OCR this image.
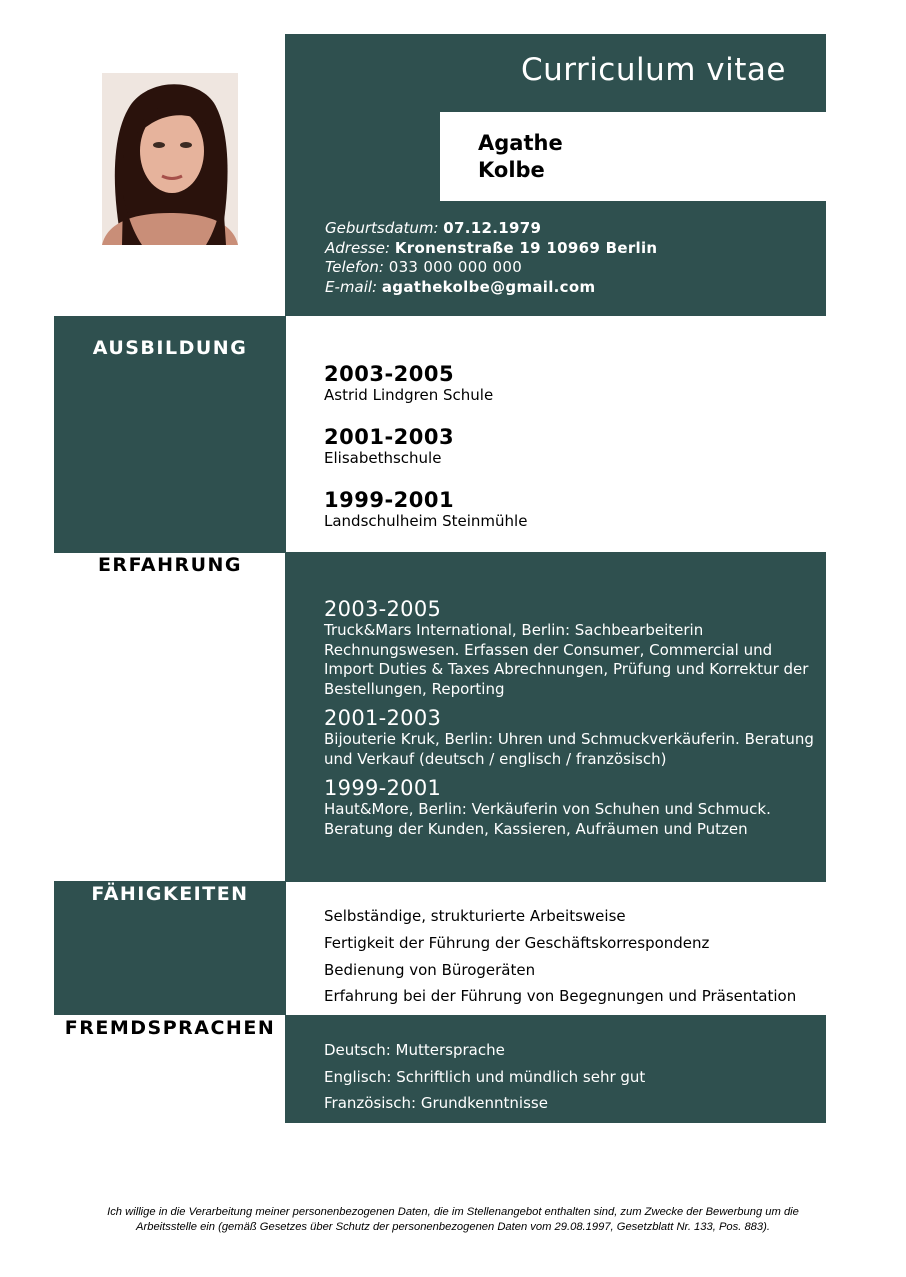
Curriculum vitae
Agathe
Kolbe
Geburtsdatum: 07.12.1979
Adresse: Kronenstraße 19 10969 Berlin
Telefon: 033 000 000 000
E-mail: agathekolbe@gmail.com
AUSBILDUNG
2003-2005
Astrid Lindgren Schule
2001-2003
Elisabethschule
1999-2001
Landschulheim Steinmühle
ERFAHRUNG
2003-2005
Truck&Mars International, Berlin: Sachbearbeiterin
Rechnungswesen. Erfassen der Consumer, Commercial und
Import Duties & Taxes Abrechnungen, Prüfung und Korrektur der
Bestellungen, Reporting
2001-2003
Bijouterie Kruk, Berlin: Uhren und Schmuckverkäuferin. Beratung
und Verkauf (deutsch / englisch / französisch)
1999-2001
Haut&More, Berlin: Verkäuferin von Schuhen und Schmuck.
Beratung der Kunden, Kassieren, Aufräumen und Putzen
FÄHIGKEITEN
Selbständige, strukturierte Arbeitsweise
Fertigkeit der Führung der Geschäftskorrespondenz
Bedienung von Bürogeräten
Erfahrung bei der Führung von Begegnungen und Präsentation
FREMDSPRACHEN
Deutsch: Muttersprache
Englisch: Schriftlich und mündlich sehr gut
Französisch: Grundkenntnisse
Ich willige in die Verarbeitung meiner personenbezogenen Daten, die im Stellenangebot enthalten sind, zum Zwecke der Bewerbung um die
Arbeitsstelle ein (gemäß Gesetzes über Schutz der personenbezogenen Daten vom 29.08.1997, Gesetzblatt Nr. 133, Pos. 883).
